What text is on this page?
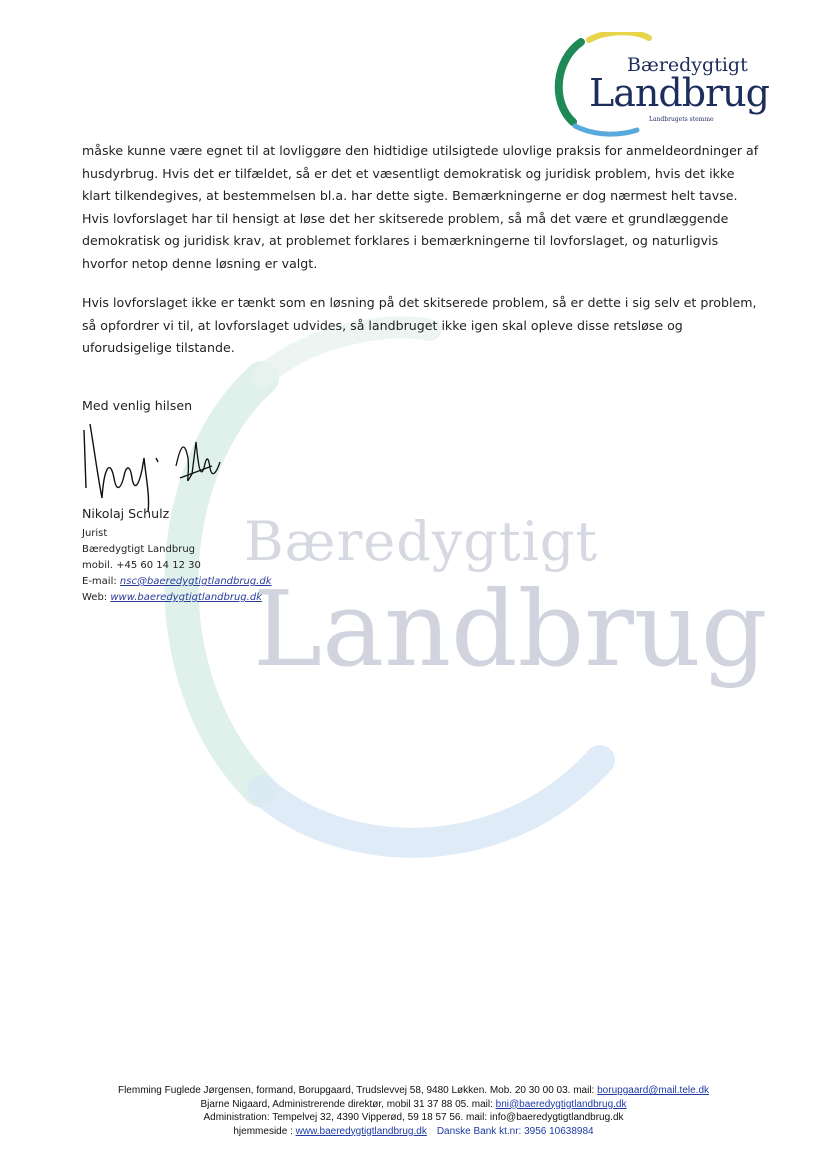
Bæredygtigt
Landbrug
Bæredygtigt
Landbrug
Landbrugets stemme

måske kunne være egnet til at lovliggøre den hidtidige utilsigtede ulovlige praksis for anmeldeordninger af husdyrbrug. Hvis det er tilfældet, så er det et væsentligt demokratisk og juridisk problem, hvis det ikke klart tilkendegives, at bestemmelsen bl.a. har dette sigte. Bemærkningerne er dog nærmest helt tavse. Hvis lovforslaget har til hensigt at løse det her skitserede problem, så må det være et grundlæggende demokratisk og juridisk krav, at problemet forklares i bemærkningerne til lovforslaget, og naturligvis hvorfor netop denne løsning er valgt.

Hvis lovforslaget ikke er tænkt som en løsning på det skitserede problem, så er dette i sig selv et problem, så opfordrer vi til, at lovforslaget udvides, så landbruget ikke igen skal opleve disse retsløse og uforudsigelige tilstande.

Med venlig hilsen
Nikolaj Schulz
Jurist
Bæredygtigt Landbrug
mobil. +45 60 14 12 30
E-mail: nsc@baeredygtigtlandbrug.dk
Web: www.baeredygtigtlandbrug.dk
Flemming Fuglede Jørgensen, formand, Borupgaard, Trudslevvej 58, 9480 Løkken. Mob. 20 30 00 03. mail: borupgaard@mail.tele.dk
Bjarne Nigaard, Administrerende direktør, mobil 31 37 88 05. mail: bni@baeredygtigtlandbrug.dk
Administration: Tempelvej 32, 4390 Vipperød, 59 18 57 56. mail: info@baeredygtigtlandbrug.dk
hjemmeside : www.baeredygtigtlandbrug.dk Danske Bank kt.nr: 3956 10638984
